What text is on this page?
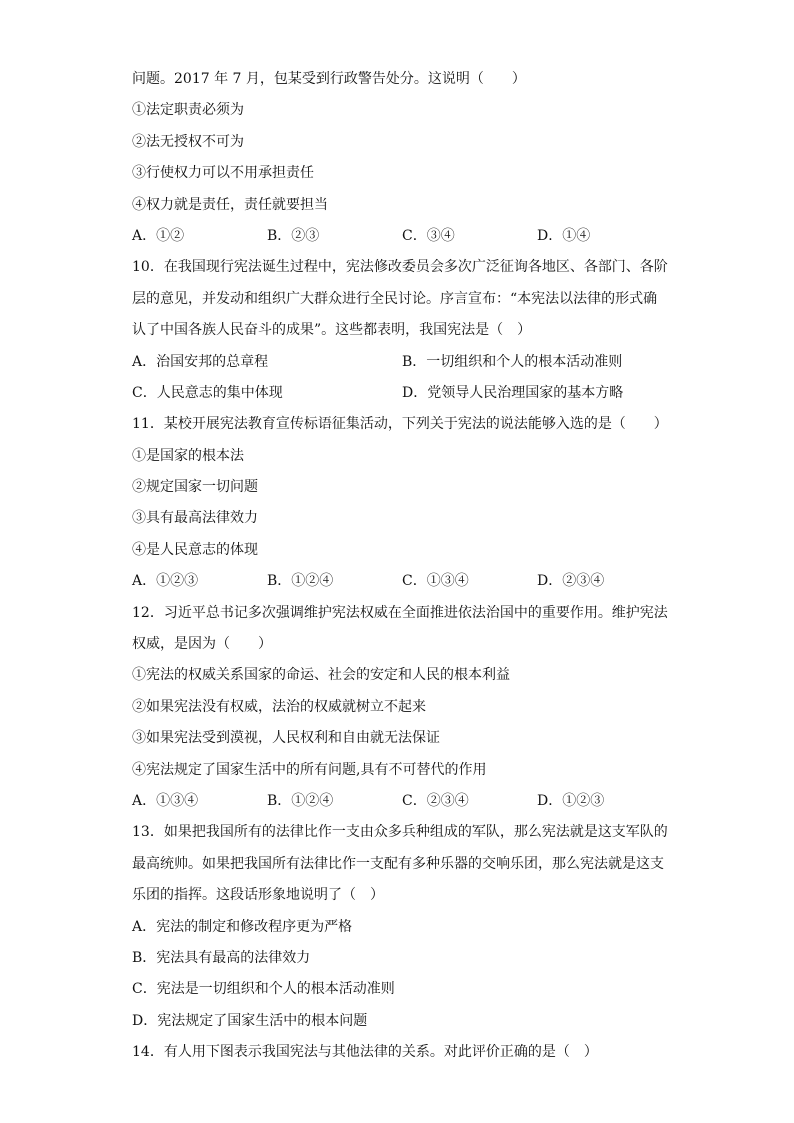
问题。2017 年 7 月，包某受到行政警告处分。这说明（　　）
①法定职责必须为
②法无授权不可为
③行使权力可以不用承担责任
④权力就是责任，责任就要担当
A．①②	B．②③	C．③④	D．①④
10．在我国现行宪法诞生过程中，宪法修改委员会多次广泛征询各地区、各部门、各阶
层的意见，并发动和组织广大群众进行全民讨论。序言宣布：“本宪法以法律的形式确
认了中国各族人民奋斗的成果”。这些都表明，我国宪法是（　）
A．治国安邦的总章程	B．一切组织和个人的根本活动准则
C．人民意志的集中体现	D．党领导人民治理国家的基本方略
11．某校开展宪法教育宣传标语征集活动，下列关于宪法的说法能够入选的是（　　）
①是国家的根本法
②规定国家一切问题
③具有最高法律效力
④是人民意志的体现
A．①②③	B．①②④	C．①③④	D．②③④
12．习近平总书记多次强调维护宪法权威在全面推进依法治国中的重要作用。维护宪法
权威，是因为（　　）
①宪法的权威关系国家的命运、社会的安定和人民的根本利益
②如果宪法没有权威，法治的权威就树立不起来
③如果宪法受到漠视，人民权利和自由就无法保证
④宪法规定了国家生活中的所有问题,具有不可替代的作用
A．①③④	B．①②④	C．②③④	D．①②③
13．如果把我国所有的法律比作一支由众多兵种组成的军队，那么宪法就是这支军队的
最高统帅。如果把我国所有法律比作一支配有多种乐器的交响乐团，那么宪法就是这支
乐团的指挥。这段话形象地说明了（　）
A．宪法的制定和修改程序更为严格
B．宪法具有最高的法律效力
C．宪法是一切组织和个人的根本活动准则
D．宪法规定了国家生活中的根本问题
14．有人用下图表示我国宪法与其他法律的关系。对此评价正确的是（　）
